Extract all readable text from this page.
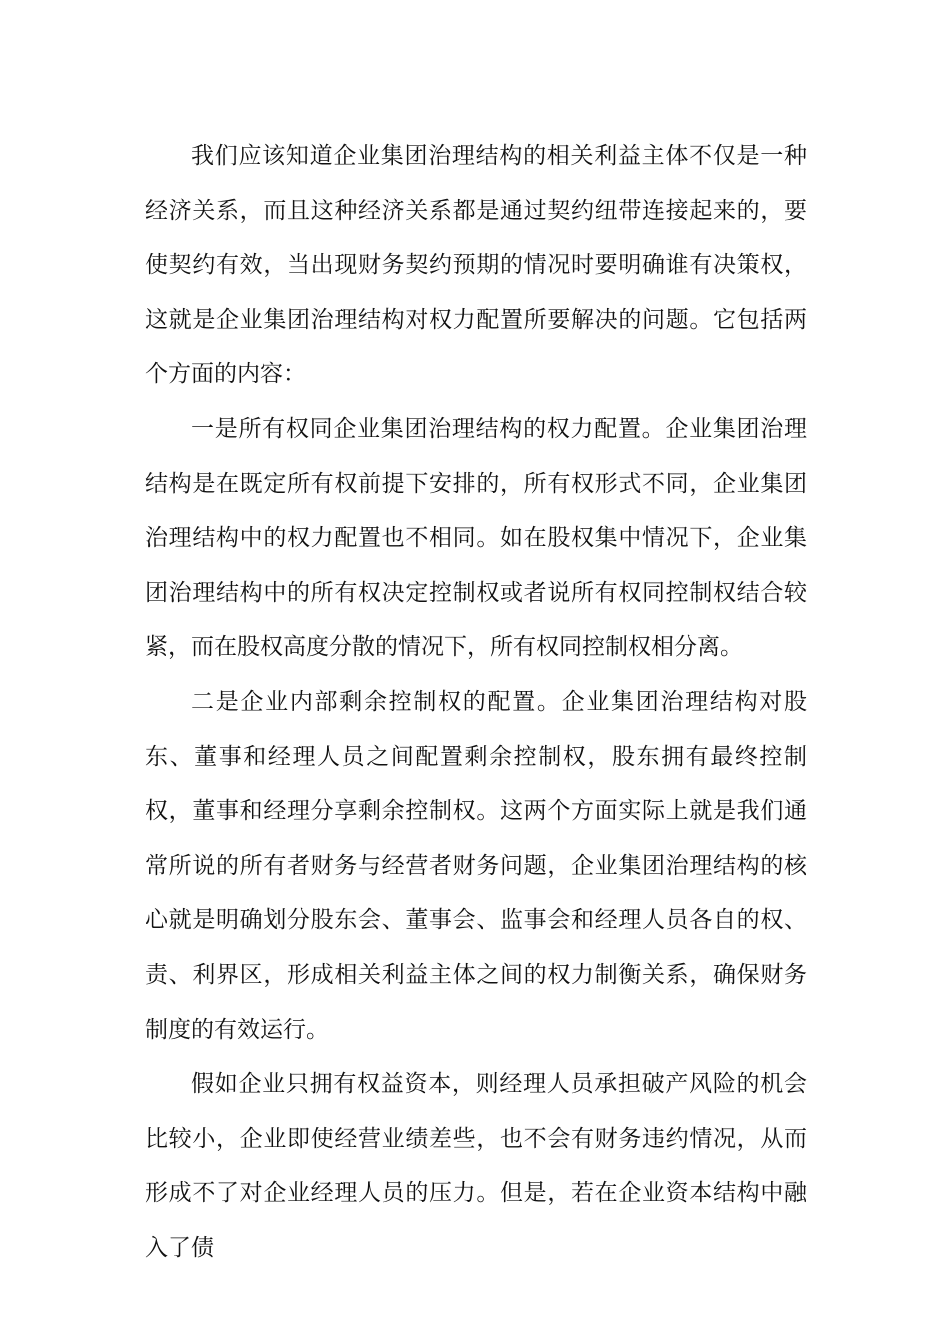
我们应该知道企业集团治理结构的相关利益主体不仅是一种经济关系，而且这种经济关系都是通过契约纽带连接起来的，要使契约有效，当出现财务契约预期的情况时要明确谁有决策权，这就是企业集团治理结构对权力配置所要解决的问题。它包括两个方面的内容：

一是所有权同企业集团治理结构的权力配置。企业集团治理结构是在既定所有权前提下安排的，所有权形式不同，企业集团治理结构中的权力配置也不相同。如在股权集中情况下，企业集团治理结构中的所有权决定控制权或者说所有权同控制权结合较紧，而在股权高度分散的情况下，所有权同控制权相分离。

二是企业内部剩余控制权的配置。企业集团治理结构对股东、董事和经理人员之间配置剩余控制权，股东拥有最终控制权，董事和经理分享剩余控制权。这两个方面实际上就是我们通常所说的所有者财务与经营者财务问题，企业集团治理结构的核心就是明确划分股东会、董事会、监事会和经理人员各自的权、责、利界区，形成相关利益主体之间的权力制衡关系，确保财务制度的有效运行。

假如企业只拥有权益资本，则经理人员承担破产风险的机会比较小，企业即使经营业绩差些，也不会有财务违约情况，从而形成不了对企业经理人员的压力。但是，若在企业资本结构中融入了债
